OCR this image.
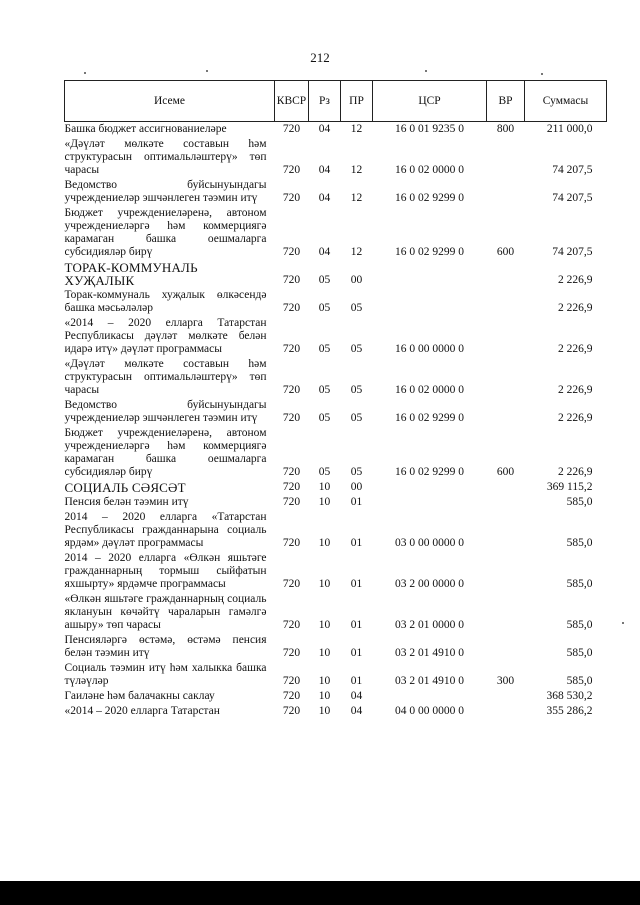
212
Исеме	КВСР	Рз	ПР	ЦСР	ВР	Суммасы
Башка бюджет ассигнованиеләре	720	04	12	16 0 01 9235 0	800	211 000,0
«Дәүләт мөлкәте составын һәм структурасын оптимальләштерү» төп чарасы	720	04	12	16 0 02 0000 0		74 207,5
Ведомство буйсынуындагы учреждениеләр эшчәнлеген тәэмин итү	720	04	12	16 0 02 9299 0		74 207,5
Бюджет учреждениеләренә, автоном учреждениеләргә һәм коммерциягә карамаган башка оешмаларга субсидияләр бирү	720	04	12	16 0 02 9299 0	600	74 207,5
ТОРАК-КОММУНАЛЬ ХУҖАЛЫК	720	05	00			2 226,9
Торак-коммуналь хуҗалык өлкәсендә башка мәсьәләләр	720	05	05			2 226,9
«2014 – 2020 елларга Татарстан Республикасы дәүләт мөлкәте белән идарә итү» дәүләт программасы	720	05	05	16 0 00 0000 0		2 226,9
«Дәүләт мөлкәте составын һәм структурасын оптимальләштерү» төп чарасы	720	05	05	16 0 02 0000 0		2 226,9
Ведомство буйсынуындагы учреждениеләр эшчәнлеген тәэмин итү	720	05	05	16 0 02 9299 0		2 226,9
Бюджет учреждениеләренә, автоном учреждениеләргә һәм коммерциягә карамаган башка оешмаларга субсидияләр бирү	720	05	05	16 0 02 9299 0	600	2 226,9
СОЦИАЛЬ СӘЯСӘТ	720	10	00			369 115,2
Пенсия белән тәэмин итү	720	10	01			585,0
2014 – 2020 елларга «Татарстан Республикасы гражданнарына социаль ярдәм» дәүләт программасы	720	10	01	03 0 00 0000 0		585,0
2014 – 2020 елларга «Өлкән яшьтәге гражданнарның тормыш сыйфатын яхшырту» ярдәмче программасы	720	10	01	03 2 00 0000 0		585,0
«Өлкән яшьтәге гражданнарның социаль яклануын көчәйтү чараларын гамәлгә ашыру» төп чарасы	720	10	01	03 2 01 0000 0		585,0
Пенсияләргә өстәмә, өстәмә пенсия белән тәэмин итү	720	10	01	03 2 01 4910 0		585,0
Социаль тәэмин итү һәм халыкка башка түләүләр	720	10	01	03 2 01 4910 0	300	585,0
Гаиләне һәм балачакны саклау	720	10	04			368 530,2
«2014 – 2020 елларга Татарстан	720	10	04	04 0 00 0000 0		355 286,2
